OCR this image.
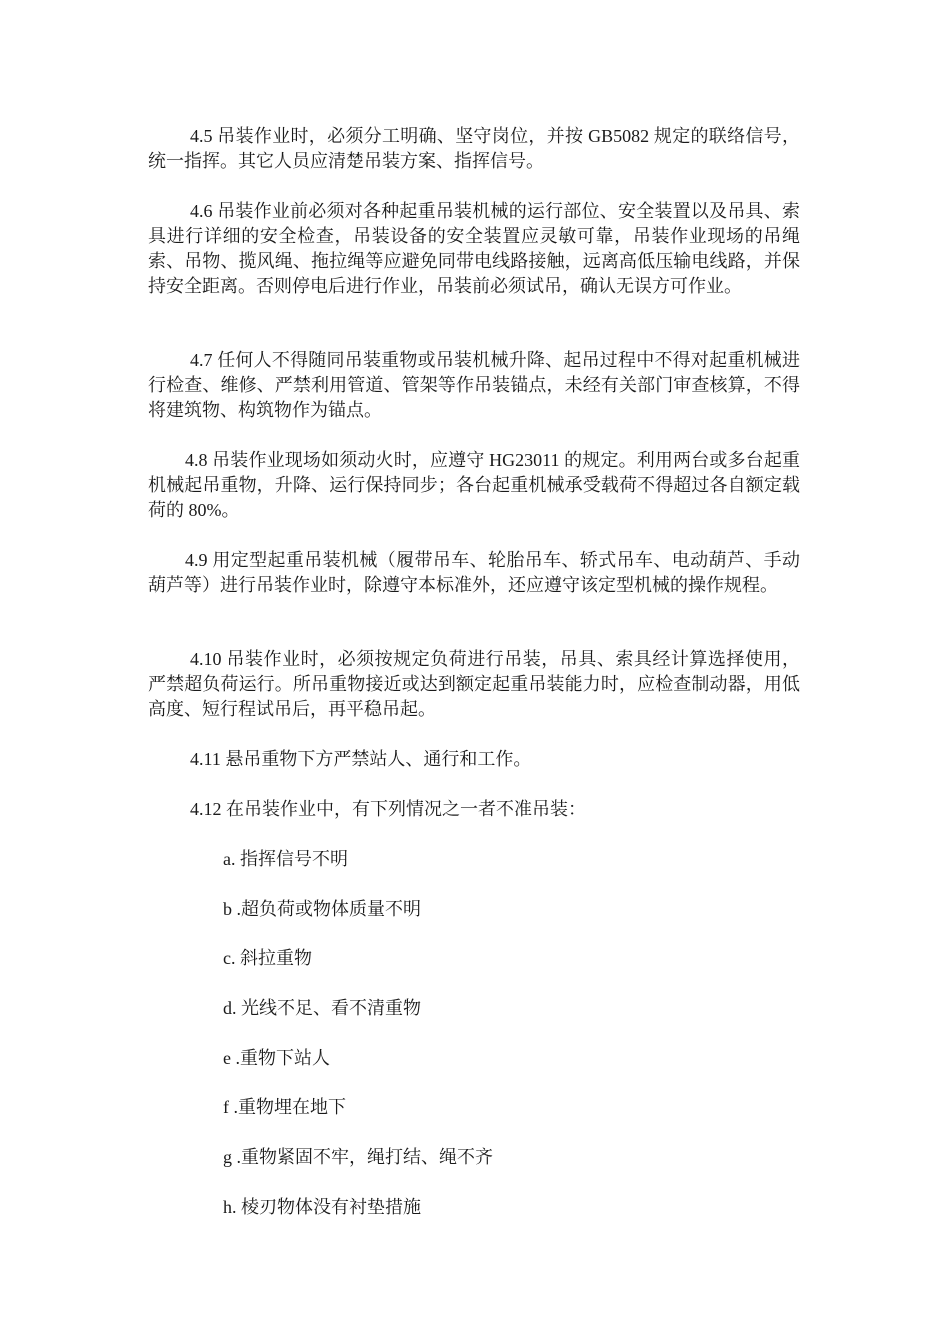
4.5 吊装作业时，必须分工明确、坚守岗位，并按 GB5082 规定的联络信号，统一指挥。其它人员应清楚吊装方案、指挥信号。

4.6 吊装作业前必须对各种起重吊装机械的运行部位、安全装置以及吊具、索具进行详细的安全检查，吊装设备的安全装置应灵敏可靠，吊装作业现场的吊绳索、吊物、揽风绳、拖拉绳等应避免同带电线路接触，远离高低压输电线路，并保持安全距离。否则停电后进行作业，吊装前必须试吊，确认无误方可作业。

4.7 任何人不得随同吊装重物或吊装机械升降、起吊过程中不得对起重机械进行检查、维修、严禁利用管道、管架等作吊装锚点，未经有关部门审查核算，不得将建筑物、构筑物作为锚点。

4.8 吊装作业现场如须动火时，应遵守 HG23011 的规定。利用两台或多台起重机械起吊重物，升降、运行保持同步；各台起重机械承受载荷不得超过各自额定载荷的 80%。

4.9 用定型起重吊装机械（履带吊车、轮胎吊车、轿式吊车、电动葫芦、手动葫芦等）进行吊装作业时，除遵守本标准外，还应遵守该定型机械的操作规程。

4.10 吊装作业时，必须按规定负荷进行吊装，吊具、索具经计算选择使用，严禁超负荷运行。所吊重物接近或达到额定起重吊装能力时，应检查制动器，用低高度、短行程试吊后，再平稳吊起。

4.11 悬吊重物下方严禁站人、通行和工作。

4.12 在吊装作业中，有下列情况之一者不准吊装：

a. 指挥信号不明

b .超负荷或物体质量不明

c. 斜拉重物

d. 光线不足、看不清重物

e .重物下站人

f .重物埋在地下

g .重物紧固不牢，绳打结、绳不齐

h. 棱刃物体没有衬垫措施
